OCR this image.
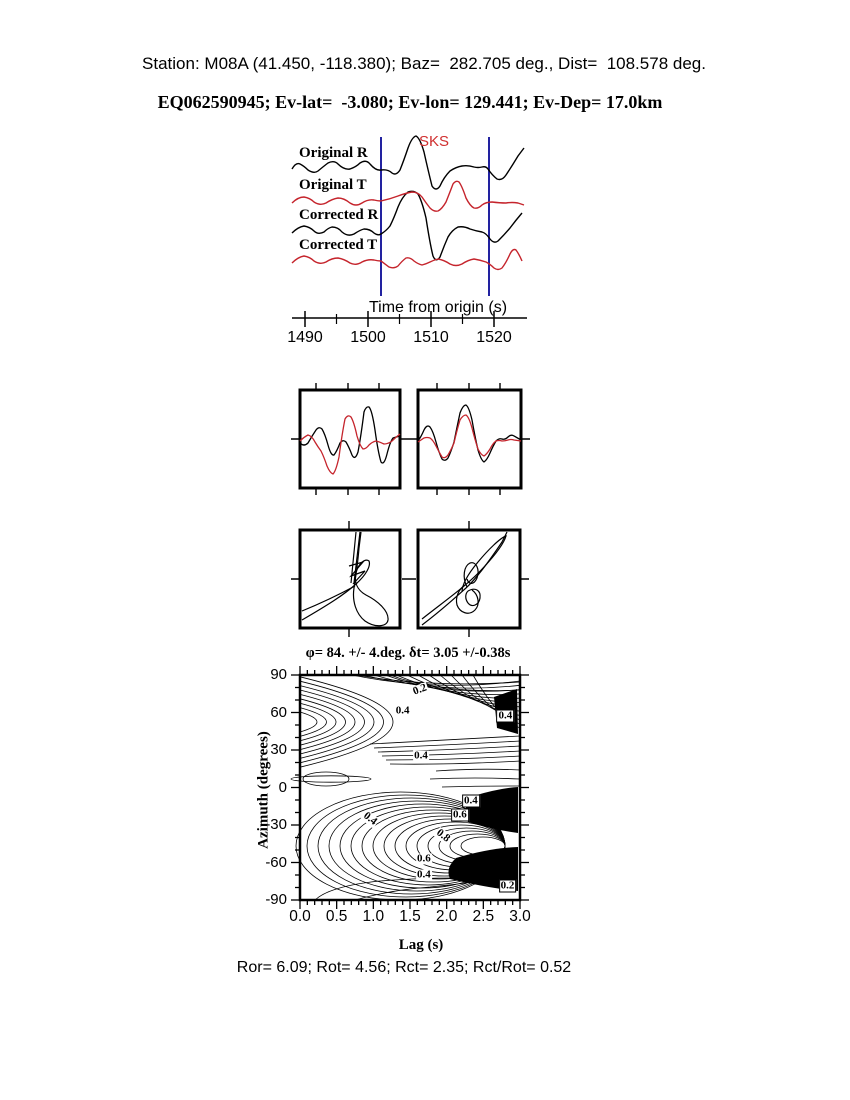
Station: M08A (41.450, -118.380); Baz=  282.705 deg., Dist=  108.578 deg.
EQ062590945; Ev-lat=  -3.080; Ev-lon= 129.441; Ev-Dep= 17.0km
Original R
Original T
Corrected R
Corrected T
SKS
Time from origin (s)
1490 1500 1510 1520
φ= 84. +/- 4.deg. δt= 3.05 +/-0.38s
Azimuth (degrees)
90
60
30
0
-30
-60
-90
0.0 0.5 1.0 1.5 2.0 2.5 3.0
Lag (s)
0.2
0.4	0.4
0.4
0.4
0.4
0.6
0.8
0.6
0.4
0.2
Ror= 6.09; Rot= 4.56; Rct= 2.35; Rct/Rot= 0.52
